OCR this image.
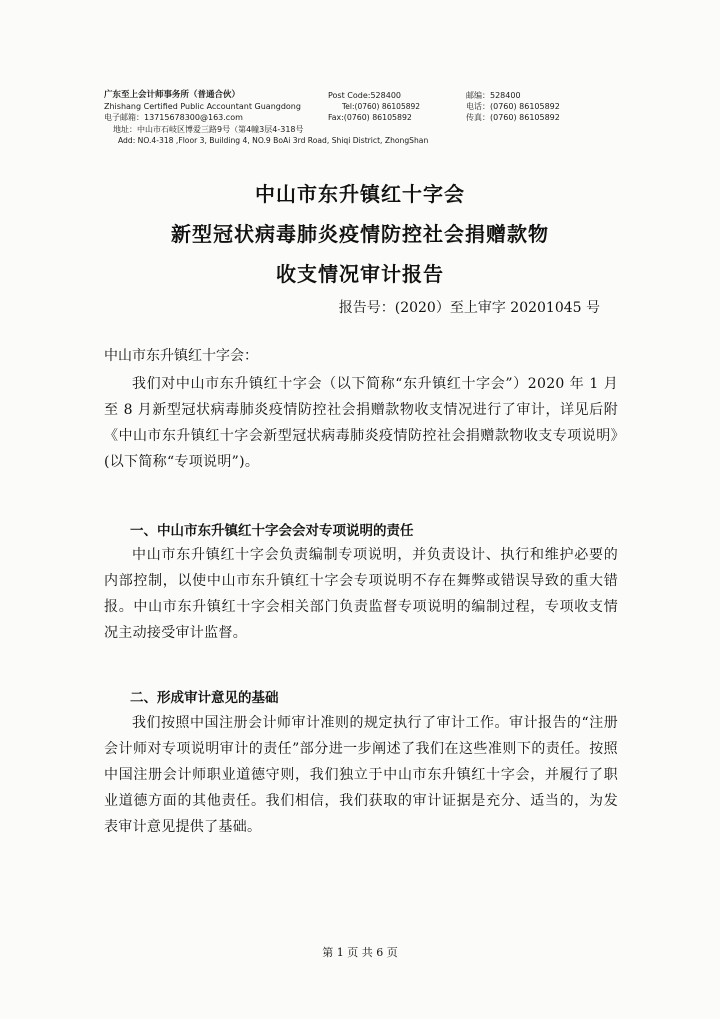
广东至上会计师事务所（普通合伙）
Zhishang Certified Public Accountant Guangdong
电子邮箱：13715678300@163.com
地址：中山市石岐区博爱三路9号（第4幢3层4-318号
Add: NO.4-318 ,Floor 3, Building 4, NO.9 BoAi 3rd Road, Shiqi District, ZhongShan
Post Code:528400
Tel:(0760) 86105892
Fax:(0760) 86105892
邮编：528400
电话：(0760) 86105892
传真：(0760) 86105892
中山市东升镇红十字会
新型冠状病毒肺炎疫情防控社会捐赠款物
收支情况审计报告
报告号：(2020）至上审字 20201045 号
中山市东升镇红十字会：
我们对中山市东升镇红十字会（以下简称“东升镇红十字会”）2020 年 1 月至 8 月新型冠状病毒肺炎疫情防控社会捐赠款物收支情况进行了审计，详见后附《中山市东升镇红十字会新型冠状病毒肺炎疫情防控社会捐赠款物收支专项说明》(以下简称“专项说明”)。
一、中山市东升镇红十字会会对专项说明的责任
中山市东升镇红十字会负责编制专项说明，并负责设计、执行和维护必要的内部控制，以使中山市东升镇红十字会专项说明不存在舞弊或错误导致的重大错报。中山市东升镇红十字会相关部门负责监督专项说明的编制过程，专项收支情况主动接受审计监督。
二、形成审计意见的基础
我们按照中国注册会计师审计准则的规定执行了审计工作。审计报告的“注册会计师对专项说明审计的责任”部分进一步阐述了我们在这些准则下的责任。按照中国注册会计师职业道德守则，我们独立于中山市东升镇红十字会，并履行了职业道德方面的其他责任。我们相信，我们获取的审计证据是充分、适当的，为发表审计意见提供了基础。
第 1 页 共 6 页
